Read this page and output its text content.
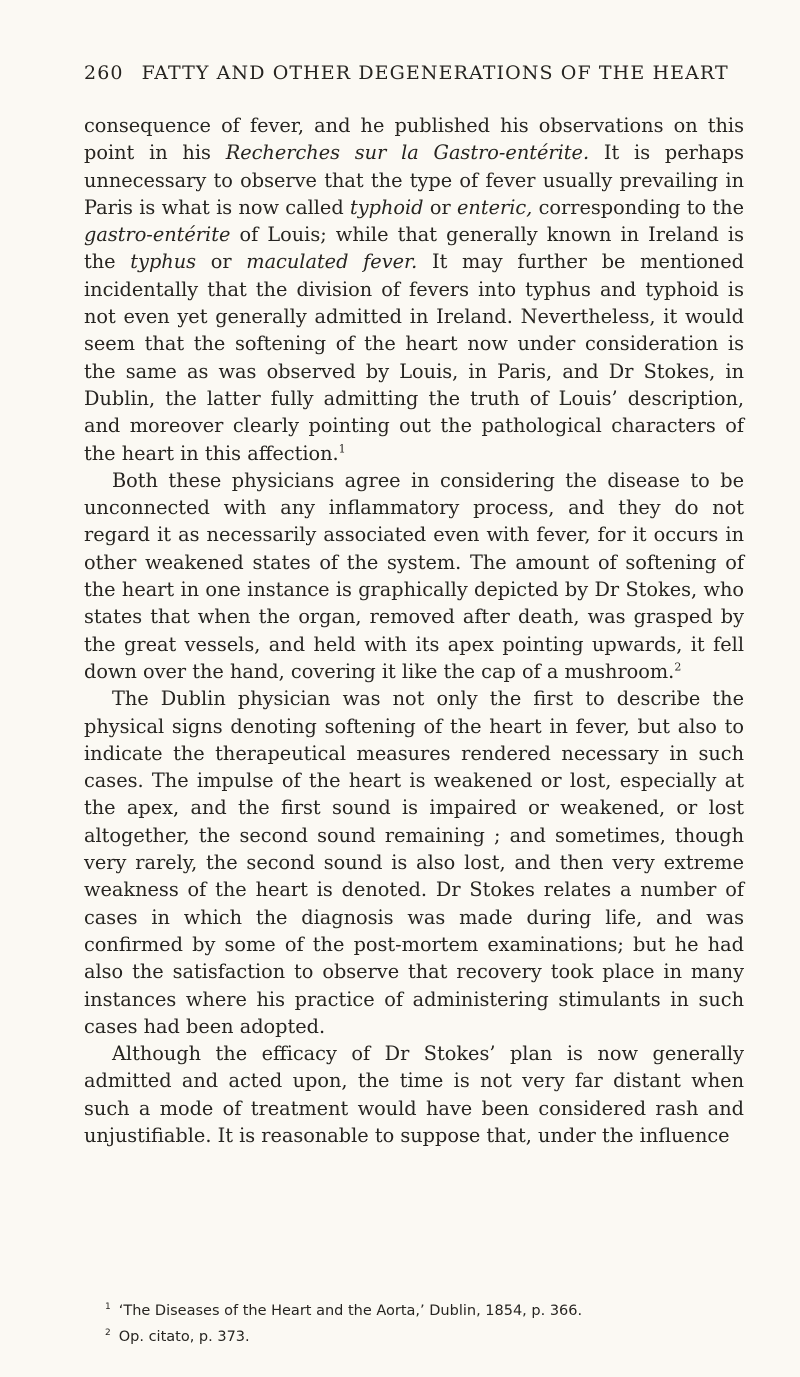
260 FATTY AND OTHER DEGENERATIONS OF THE HEART

consequence of fever, and he published his observations on this point in his Recherches sur la Gastro-entérite. It is perhaps unnecessary to observe that the type of fever usually prevailing in Paris is what is now called typhoid or enteric, corresponding to the gastro-entérite of Louis; while that generally known in Ireland is the typhus or maculated fever. It may further be mentioned incidentally that the division of fevers into typhus and typhoid is not even yet generally admitted in Ireland. Nevertheless, it would seem that the softening of the heart now under consideration is the same as was observed by Louis, in Paris, and Dr Stokes, in Dublin, the latter fully admitting the truth of Louis’ description, and moreover clearly pointing out the pathological characters of the heart in this affection.$^1$

Both these physicians agree in considering the disease to be unconnected with any inflammatory process, and they do not regard it as necessarily associated even with fever, for it occurs in other weakened states of the system. The amount of softening of the heart in one instance is graphically depicted by Dr Stokes, who states that when the organ, removed after death, was grasped by the great vessels, and held with its apex pointing upwards, it fell down over the hand, covering it like the cap of a mushroom.$^2$

The Dublin physician was not only the first to describe the physical signs denoting softening of the heart in fever, but also to indicate the therapeutical measures rendered necessary in such cases. The impulse of the heart is weakened or lost, especially at the apex, and the first sound is impaired or weakened, or lost altogether, the second sound remaining ; and sometimes, though very rarely, the second sound is also lost, and then very extreme weakness of the heart is denoted. Dr Stokes relates a number of cases in which the diagnosis was made during life, and was confirmed by some of the post-mortem examinations; but he had also the satisfaction to observe that recovery took place in many instances where his practice of administering stimulants in such cases had been adopted.

Although the efficacy of Dr Stokes’ plan is now generally admitted and acted upon, the time is not very far distant when such a mode of treatment would have been considered rash and unjustifiable. It is reasonable to suppose that, under the influence

$^1$ ‘The Diseases of the Heart and the Aorta,’ Dublin, 1854, p. 366.
$^2$ Op. citato, p. 373.
